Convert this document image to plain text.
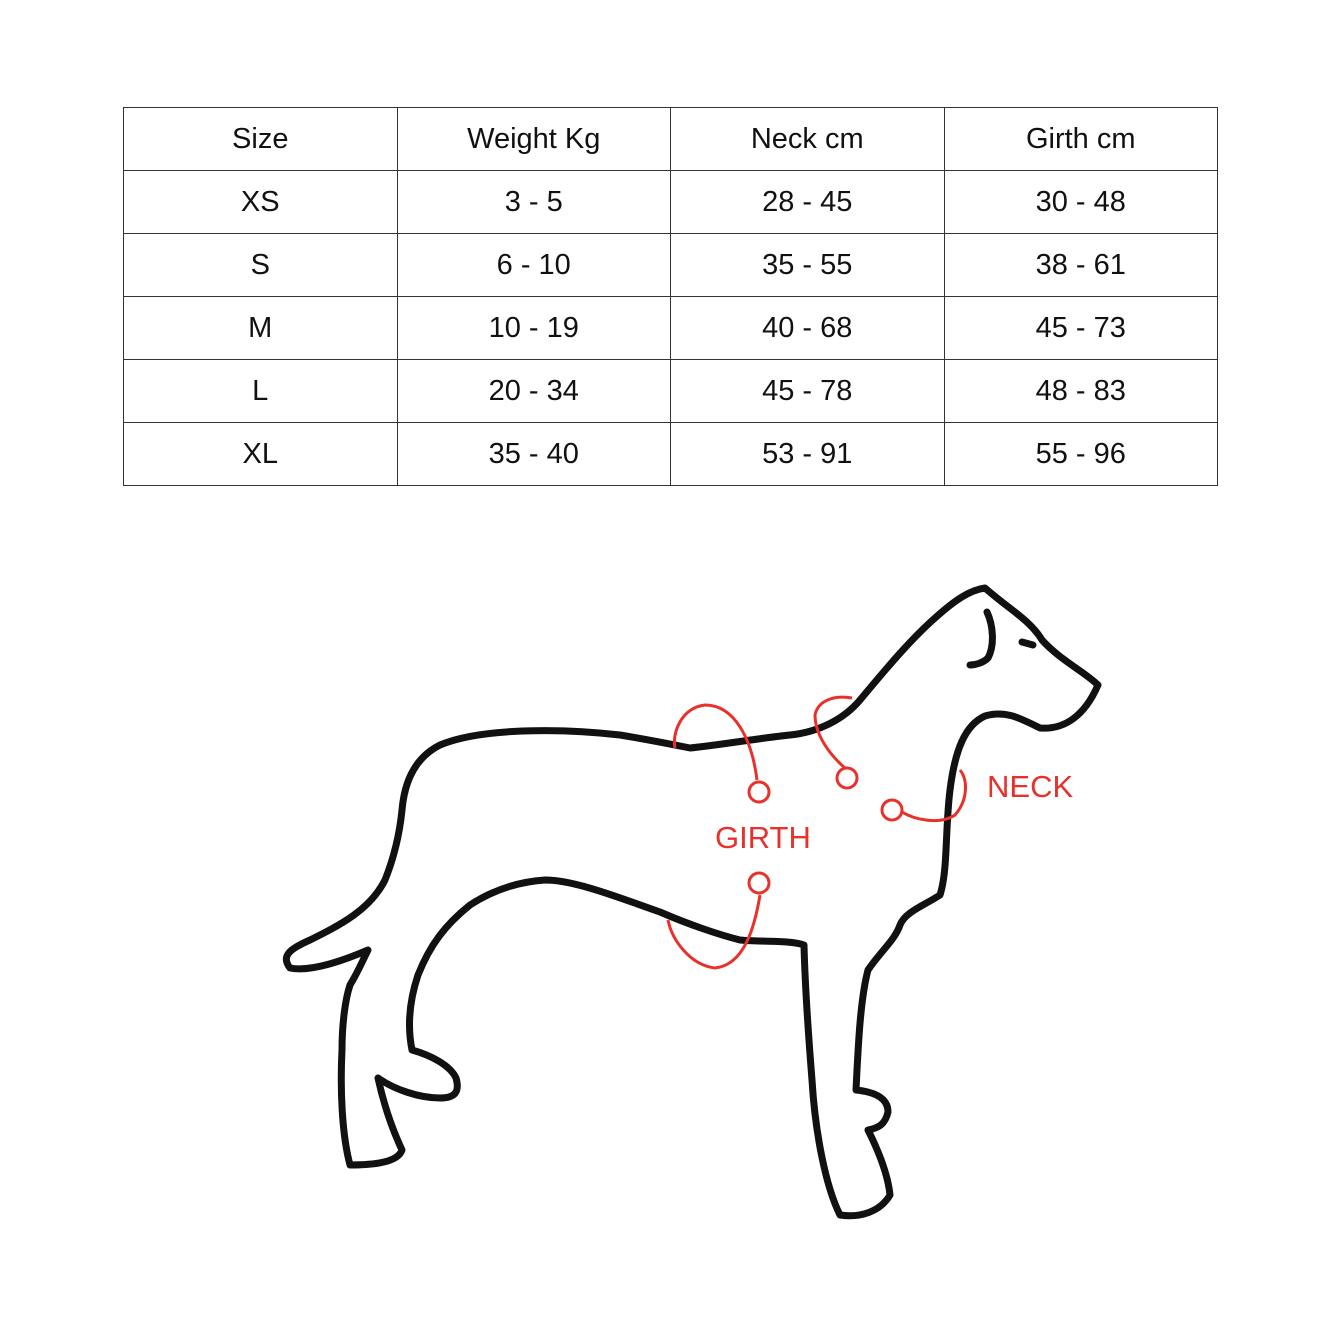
Size	Weight Kg	Neck cm	Girth cm
XS	3 - 5	28 - 45	30 - 48
S	6 - 10	35 - 55	38 - 61
M	10 - 19	40 - 68	45 - 73
L	20 - 34	45 - 78	48 - 83
XL	35 - 40	53 - 91	55 - 96
GIRTH
NECK
